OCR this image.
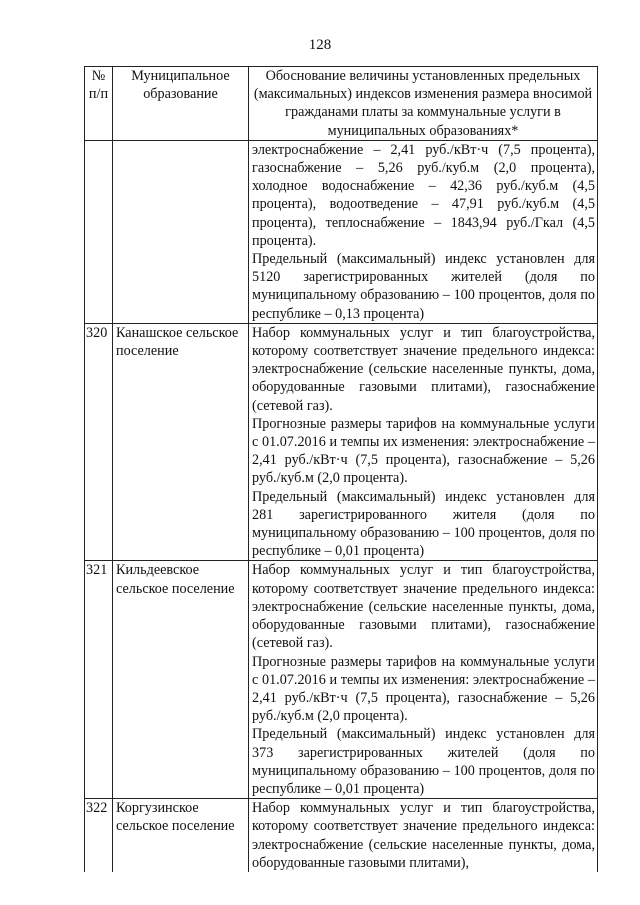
128
№ п/п	Муниципальное образование	Обоснование величины установленных предельных (максимальных) индексов изменения размера вносимой гражданами платы за коммунальные услуги в муниципальных образованиях*

		электроснабжение – 2,41 руб./кВт·ч (7,5 процента), газоснабжение – 5,26 руб./куб.м (2,0 процента), холодное водоснабжение – 42,36 руб./куб.м (4,5 процента), водоотведение – 47,91 руб./куб.м (4,5 процента), теплоснабжение – 1843,94 руб./Гкал (4,5 процента).

Предельный (максимальный) индекс установлен для 5120 зарегистрированных жителей (доля по муниципальному образованию – 100 процентов, доля по республике – 0,13 процента)

320	Канашское сельское поселение	Набор коммунальных услуг и тип благоустройства, которому соответствует значение предельного индекса: электроснабжение (сельские населенные пункты, дома, оборудованные газовыми плитами), газоснабжение (сетевой газ).

Прогнозные размеры тарифов на коммунальные услуги с 01.07.2016 и темпы их изменения: электроснабжение – 2,41 руб./кВт·ч (7,5 процента), газоснабжение – 5,26 руб./куб.м (2,0 процента).

Предельный (максимальный) индекс установлен для 281 зарегистрированного жителя (доля по муниципальному образованию – 100 процентов, доля по республике – 0,01 процента)

321	Кильдеевское сельское поселение	Набор коммунальных услуг и тип благоустройства, которому соответствует значение предельного индекса: электроснабжение (сельские населенные пункты, дома, оборудованные газовыми плитами), газоснабжение (сетевой газ).

Прогнозные размеры тарифов на коммунальные услуги с 01.07.2016 и темпы их изменения: электроснабжение – 2,41 руб./кВт·ч (7,5 процента), газоснабжение – 5,26 руб./куб.м (2,0 процента).

Предельный (максимальный) индекс установлен для 373 зарегистрированных жителей (доля по муниципальному образованию – 100 процентов, доля по республике – 0,01 процента)

322	Коргузинское сельское поселение	Набор коммунальных услуг и тип благоустройства, которому соответствует значение предельного индекса: электроснабжение (сельские населенные пункты, дома, оборудованные газовыми плитами),
